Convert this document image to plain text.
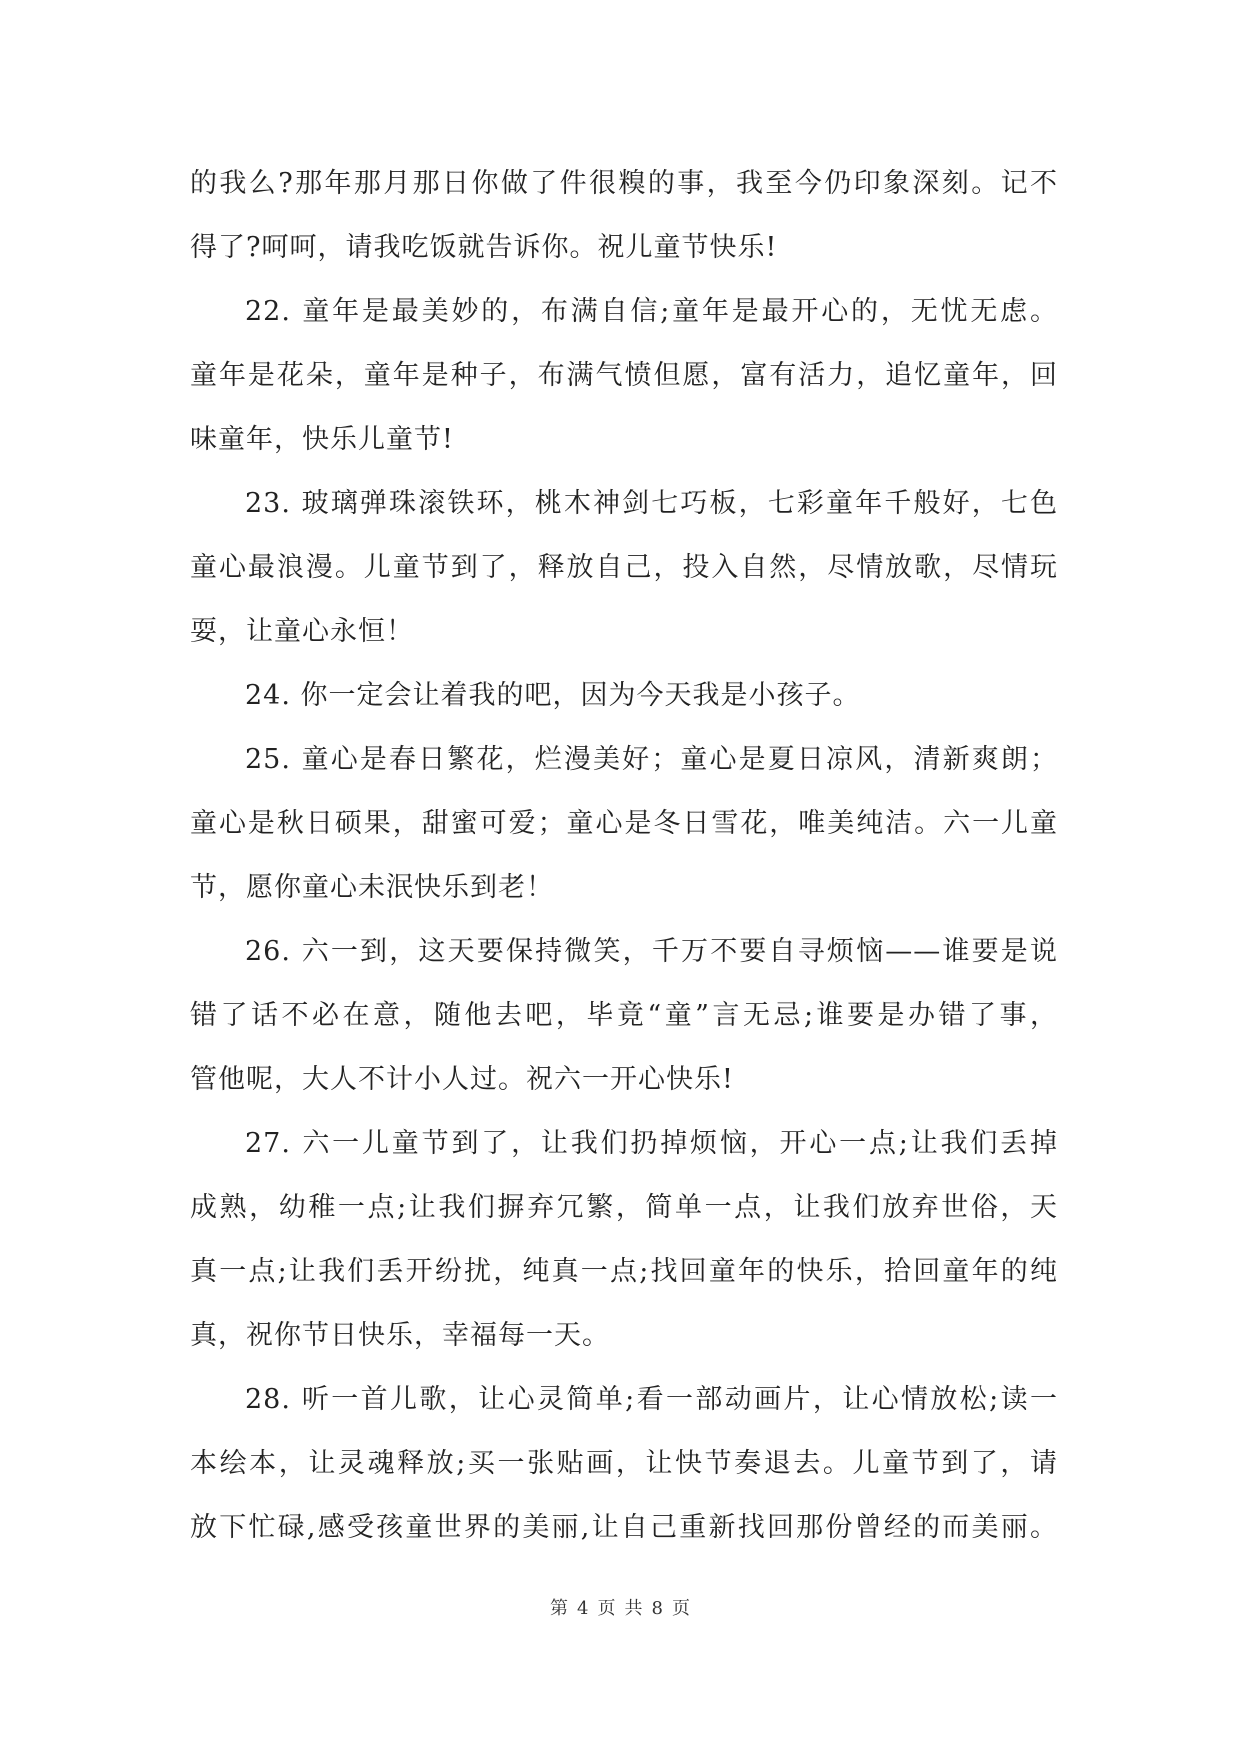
的我么?那年那月那日你做了件很糗的事，我至今仍印象深刻。记不
得了?呵呵，请我吃饭就告诉你。祝儿童节快乐!
22. 童年是最美妙的，布满自信;童年是最开心的，无忧无虑。
童年是花朵，童年是种子，布满气愤但愿，富有活力，追忆童年，回
味童年，快乐儿童节!
23. 玻璃弹珠滚铁环，桃木神剑七巧板，七彩童年千般好，七色
童心最浪漫。儿童节到了，释放自己，投入自然，尽情放歌，尽情玩
耍，让童心永恒！
24. 你一定会让着我的吧，因为今天我是小孩子。
25. 童心是春日繁花，烂漫美好；童心是夏日凉风，清新爽朗；
童心是秋日硕果，甜蜜可爱；童心是冬日雪花，唯美纯洁。六一儿童
节，愿你童心未泯快乐到老！
26. 六一到，这天要保持微笑，千万不要自寻烦恼——谁要是说
错了话不必在意，随他去吧，毕竟“童”言无忌;谁要是办错了事，
管他呢，大人不计小人过。祝六一开心快乐!
27. 六一儿童节到了，让我们扔掉烦恼，开心一点;让我们丢掉
成熟，幼稚一点;让我们摒弃冗繁，简单一点，让我们放弃世俗，天
真一点;让我们丢开纷扰，纯真一点;找回童年的快乐，拾回童年的纯
真，祝你节日快乐，幸福每一天。
28. 听一首儿歌，让心灵简单;看一部动画片，让心情放松;读一
本绘本，让灵魂释放;买一张贴画，让快节奏退去。儿童节到了，请
放下忙碌,感受孩童世界的美丽,让自己重新找回那份曾经的而美丽。
第 4 页 共 8 页
